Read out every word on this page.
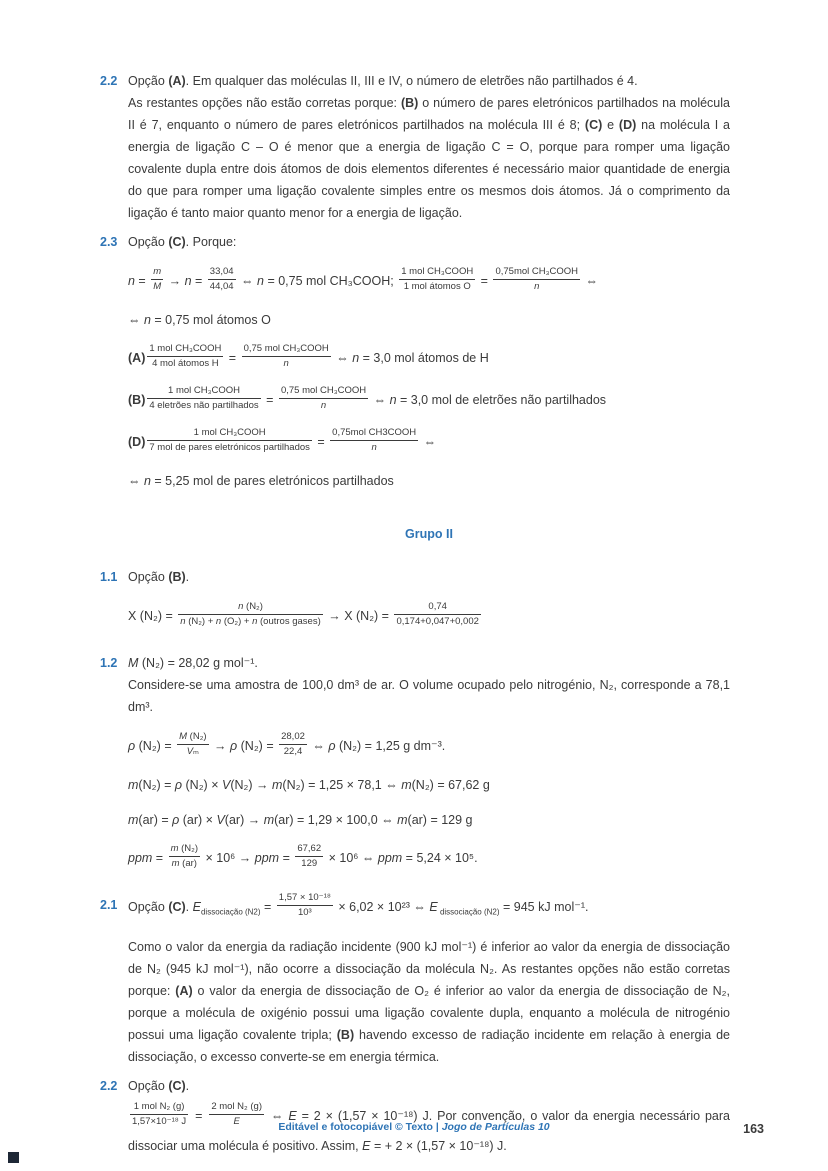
2.2 Opção (A). Em qualquer das moléculas II, III e IV, o número de eletrões não partilhados é 4.
As restantes opções não estão corretas porque: (B) o número de pares eletrónicos partilhados na molécula II é 7, enquanto o número de pares eletrónicos partilhados na molécula III é 8; (C) e (D) na molécula I a energia de ligação C – O é menor que a energia de ligação C = O, porque para romper uma ligação covalente dupla entre dois átomos de dois elementos diferentes é necessário maior quantidade de energia do que para romper uma ligação covalente simples entre os mesmos dois átomos. Já o comprimento da ligação é tanto maior quanto menor for a energia de ligação.
2.3 Opção (C). Porque:
$n = \frac{m}{M} \to n = \frac{33,04}{44,04}$ ⇔ n = 0,75 mol CH₃COOH; $\frac{\text{1 mol CH₃COOH}}{\text{1 mol átomos O}} = \frac{\text{0,75mol CH₃COOH}}{n}$ ⇔
⇔ n = 0,75 mol átomos O
$(A) \frac{\text{1 mol CH₃COOH}}{\text{4 mol átomos H}} = \frac{\text{0,75 mol CH₃COOH}}{n}$ ⇔ n = 3,0 mol átomos de H
$(B) \frac{\text{1 mol CH₃COOH}}{\text{4 eletrões não partilhados}} = \frac{\text{0,75 mol CH₃COOH}}{n}$ ⇔ n = 3,0 mol de eletrões não partilhados
$(D) \frac{\text{1 mol CH₃COOH}}{\text{7 mol de pares eletrónicos partilhados}} = \frac{\text{0,75mol CH3COOH}}{n}$ ⇔
⇔ n = 5,25 mol de pares eletrónicos partilhados
Grupo II
1.1 Opção (B).
X $(N_2) = \frac{\text{n (N₂)}}{\text{n (N₂) + n (O₂) + n (outros gases)}} \to X$ $(N_2) = \frac{0,74}{0,174+0,047+0,002}$
1.2 M (N₂) = 28,02 g mol⁻¹.
Considere-se uma amostra de 100,0 dm³ de ar. O volume ocupado pelo nitrogénio, N₂, corresponde a 78,1 dm³.
ρ $(N_2) = \frac{\text{M (N₂)}}{\text{Vₘ}} \to \rho$ $(N_2) = \frac{28,02}{22,4}$ ⇔ ρ (N₂) = 1,25 g dm⁻³.
m(N₂) = ρ (N₂) × V(N₂) → m(N₂) = 1,25 × 78,1 ⇔ m(N₂) = 67,62 g
m(ar) = ρ (ar) × V(ar) → m(ar) = 1,29 × 100,0 ⇔ m(ar) = 129 g
ppm = $\frac{\text{m (N₂)}}{m (ar)} \times 10^6$ → ppm = $\frac{67,62}{129} \times 10^6$ ⇔ ppm = 5,24 × 10⁵.
2.1 Opção (C). $E_{dissociação (N2)} = \frac{\text{1,57 × 10⁻¹⁸}}{\text{10³}} \times 6,02 \times 10^{23}$ ⇔ E $_{dissociação (N2)}$ = 945 kJ mol⁻¹.
Como o valor da energia da radiação incidente (900 kJ mol⁻¹) é inferior ao valor da energia de dissociação de N₂ (945 kJ mol⁻¹), não ocorre a dissociação da molécula N₂. As restantes opções não estão corretas porque: (A) o valor da energia de dissociação de O₂ é inferior ao valor da energia de dissociação de N₂, porque a molécula de oxigénio possui uma ligação covalente dupla, enquanto a molécula de nitrogénio possui uma ligação covalente tripla; (B) havendo excesso de radiação incidente em relação à energia de dissociação, o excesso converte-se em energia térmica.
2.2 Opção (C).
$\frac{\text{1 mol N₂ (g)}}{\text{1,57×10⁻¹⁸ J}} = \frac{\text{2 mol N₂ (g)}}{E}$ ⇔ E = 2 × (1,57 × 10⁻¹⁸) J. Por convenção, o valor da energia necessário para dissociar uma molécula é positivo. Assim, E = + 2 × (1,57 × 10⁻¹⁸) J.
Editável e fotocopiável © Texto | Jogo de Partículas 10	163
